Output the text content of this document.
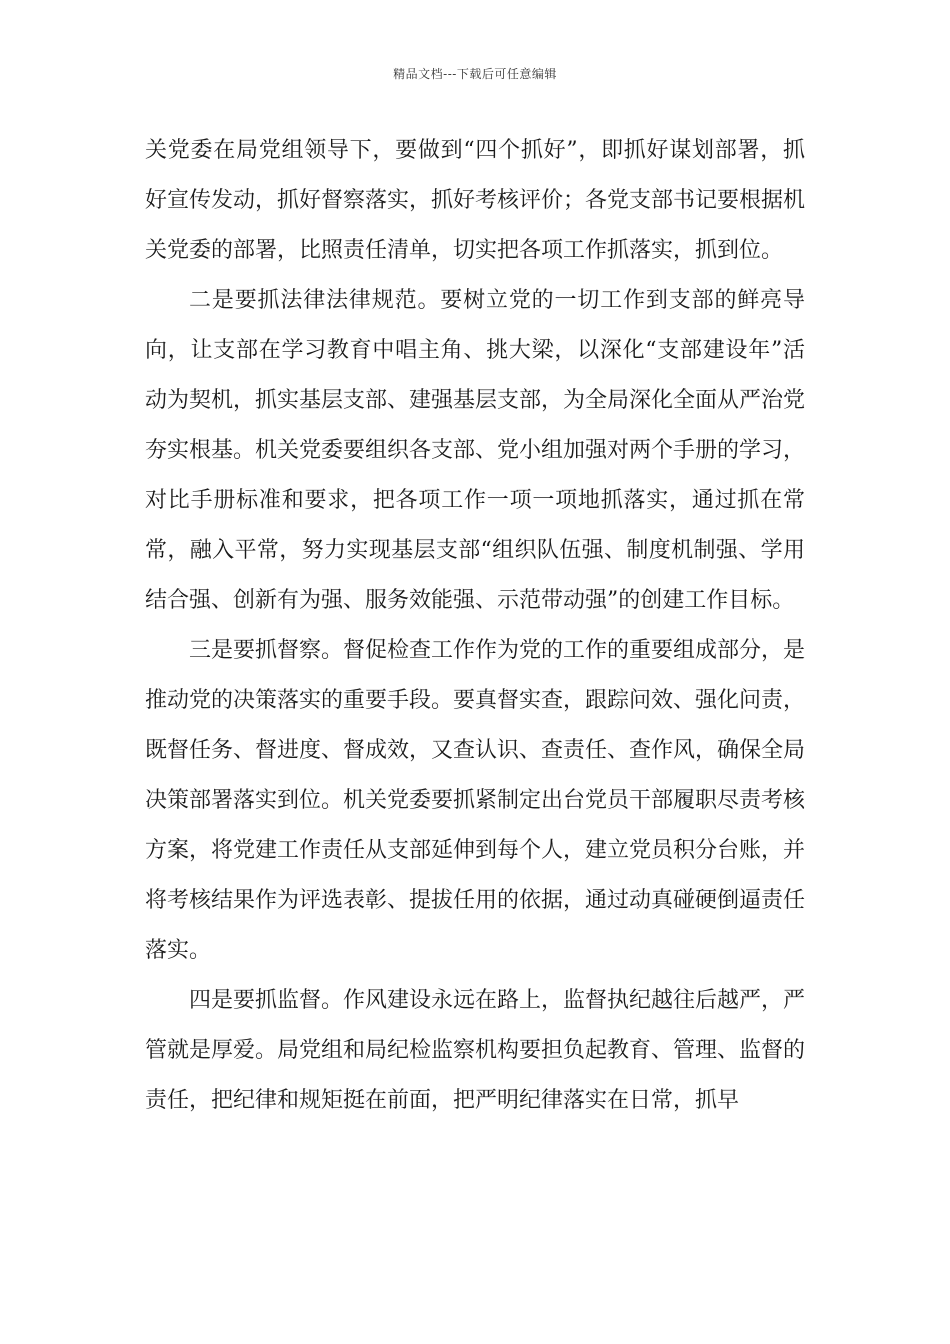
精品文档---下载后可任意编辑

关党委在局党组领导下，要做到“四个抓好”，即抓好谋划部署，抓好宣传发动，抓好督察落实，抓好考核评价；各党支部书记要根据机关党委的部署，比照责任清单，切实把各项工作抓落实，抓到位。

二是要抓法律法律规范。要树立党的一切工作到支部的鲜亮导向，让支部在学习教育中唱主角、挑大梁，以深化“支部建设年”活动为契机，抓实基层支部、建强基层支部，为全局深化全面从严治党夯实根基。机关党委要组织各支部、党小组加强对两个手册的学习，对比手册标准和要求，把各项工作一项一项地抓落实，通过抓在常常，融入平常，努力实现基层支部“组织队伍强、制度机制强、学用结合强、创新有为强、服务效能强、示范带动强”的创建工作目标。

三是要抓督察。督促检查工作作为党的工作的重要组成部分，是推动党的决策落实的重要手段。要真督实查，跟踪问效、强化问责，既督任务、督进度、督成效，又查认识、查责任、查作风，确保全局决策部署落实到位。机关党委要抓紧制定出台党员干部履职尽责考核方案，将党建工作责任从支部延伸到每个人，建立党员积分台账，并将考核结果作为评选表彰、提拔任用的依据，通过动真碰硬倒逼责任落实。

四是要抓监督。作风建设永远在路上，监督执纪越往后越严，严管就是厚爱。局党组和局纪检监察机构要担负起教育、管理、监督的责任，把纪律和规矩挺在前面，把严明纪律落实在日常，抓早
